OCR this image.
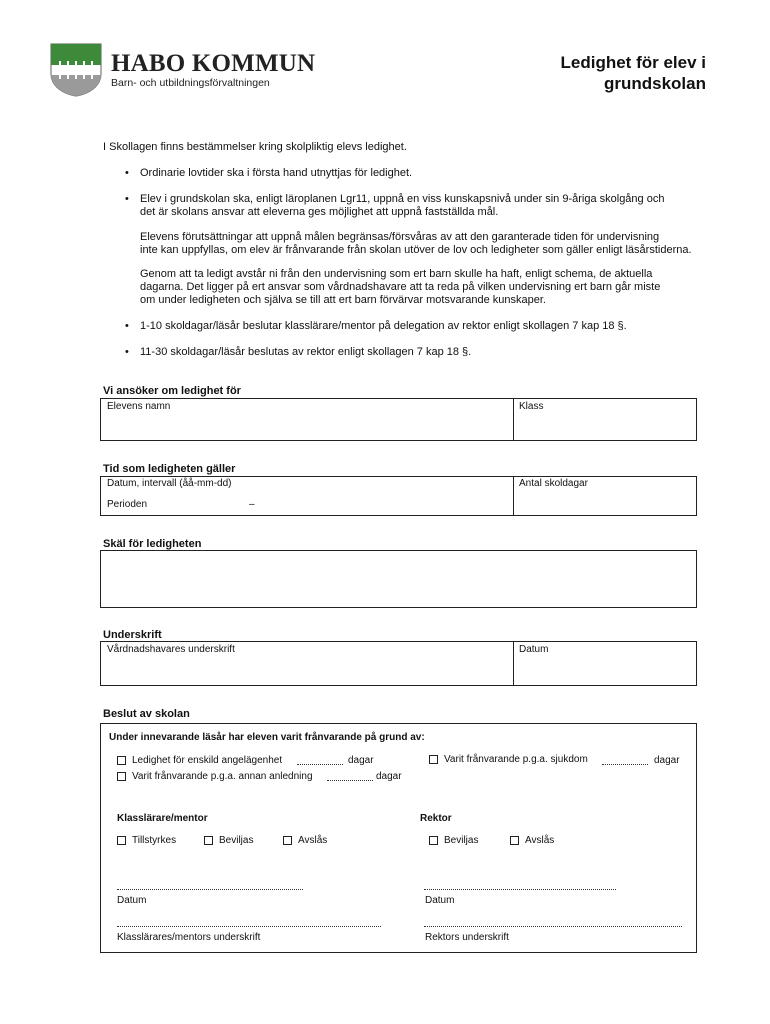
HABO KOMMUN
Barn- och utbildningsförvaltningen
Ledighet för elev i
grundskolan
I Skollagen finns bestämmelser kring skolpliktig elevs ledighet.
• Ordinarie lovtider ska i första hand utnyttjas för ledighet.
• Elev i grundskolan ska, enligt läroplanen Lgr11, uppnå en viss kunskapsnivå under sin 9-åriga skolgång och
det är skolans ansvar att eleverna ges möjlighet att uppnå fastställda mål.
Elevens förutsättningar att uppnå målen begränsas/försvåras av att den garanterade tiden för undervisning
inte kan uppfyllas, om elev är frånvarande från skolan utöver de lov och ledigheter som gäller enligt läsårstiderna.
Genom att ta ledigt avstår ni från den undervisning som ert barn skulle ha haft, enligt schema, de aktuella
dagarna. Det ligger på ert ansvar som vårdnadshavare att ta reda på vilken undervisning ert barn går miste
om under ledigheten och själva se till att ert barn förvärvar motsvarande kunskaper.
• 1-10 skoldagar/läsår beslutar klasslärare/mentor på delegation av rektor enligt skollagen 7 kap 18 §.
• 11-30 skoldagar/läsår beslutas av rektor enligt skollagen 7 kap 18 §.
Vi ansöker om ledighet för
Elevens namn	Klass
Tid som ledigheten gäller
Datum, intervall (åå-mm-dd)	Antal skoldagar
Perioden	–
Skäl för ledigheten
Underskrift
Vårdnadshavares underskrift	Datum
Beslut av skolan
Under innevarande läsår har eleven varit frånvarande på grund av:
Ledighet för enskild angelägenhet	dagar	Varit frånvarande p.g.a. sjukdom	dagar
Varit frånvarande p.g.a. annan anledning	dagar
Klasslärare/mentor	Rektor
Tillstyrkes	Beviljas	Avslås	Beviljas	Avslås
Datum	Datum
Klasslärares/mentors underskrift	Rektors underskrift
